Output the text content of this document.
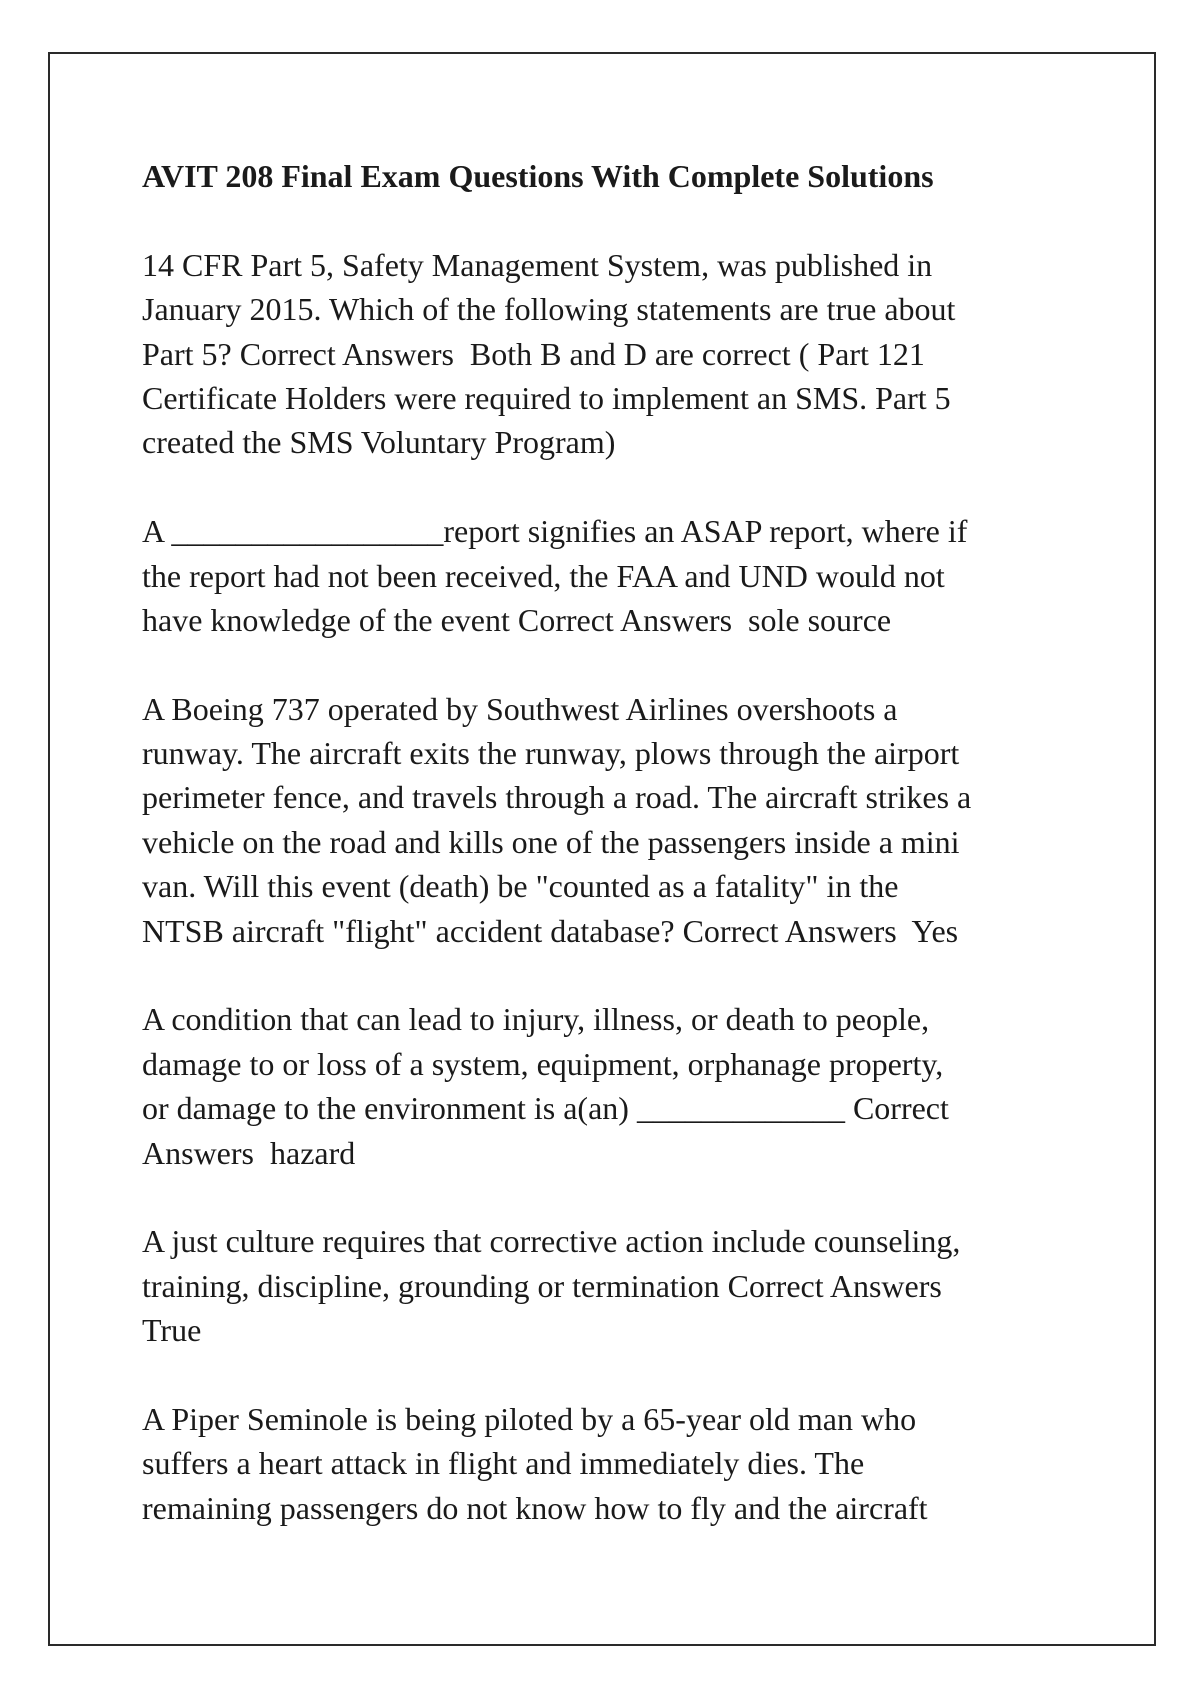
AVIT 208 Final Exam Questions With Complete Solutions
14 CFR Part 5, Safety Management System, was published in
January 2015. Which of the following statements are true about
Part 5? Correct Answers  Both B and D are correct ( Part 121
Certificate Holders were required to implement an SMS. Part 5
created the SMS Voluntary Program)
A _________________report signifies an ASAP report, where if
the report had not been received, the FAA and UND would not
have knowledge of the event Correct Answers  sole source
A Boeing 737 operated by Southwest Airlines overshoots a
runway. The aircraft exits the runway, plows through the airport
perimeter fence, and travels through a road. The aircraft strikes a
vehicle on the road and kills one of the passengers inside a mini
van. Will this event (death) be "counted as a fatality" in the
NTSB aircraft "flight" accident database? Correct Answers  Yes
A condition that can lead to injury, illness, or death to people,
damage to or loss of a system, equipment, orphanage property,
or damage to the environment is a(an) _____________ Correct
Answers  hazard
A just culture requires that corrective action include counseling,
training, discipline, grounding or termination Correct Answers
True
A Piper Seminole is being piloted by a 65-year old man who
suffers a heart attack in flight and immediately dies. The
remaining passengers do not know how to fly and the aircraft
